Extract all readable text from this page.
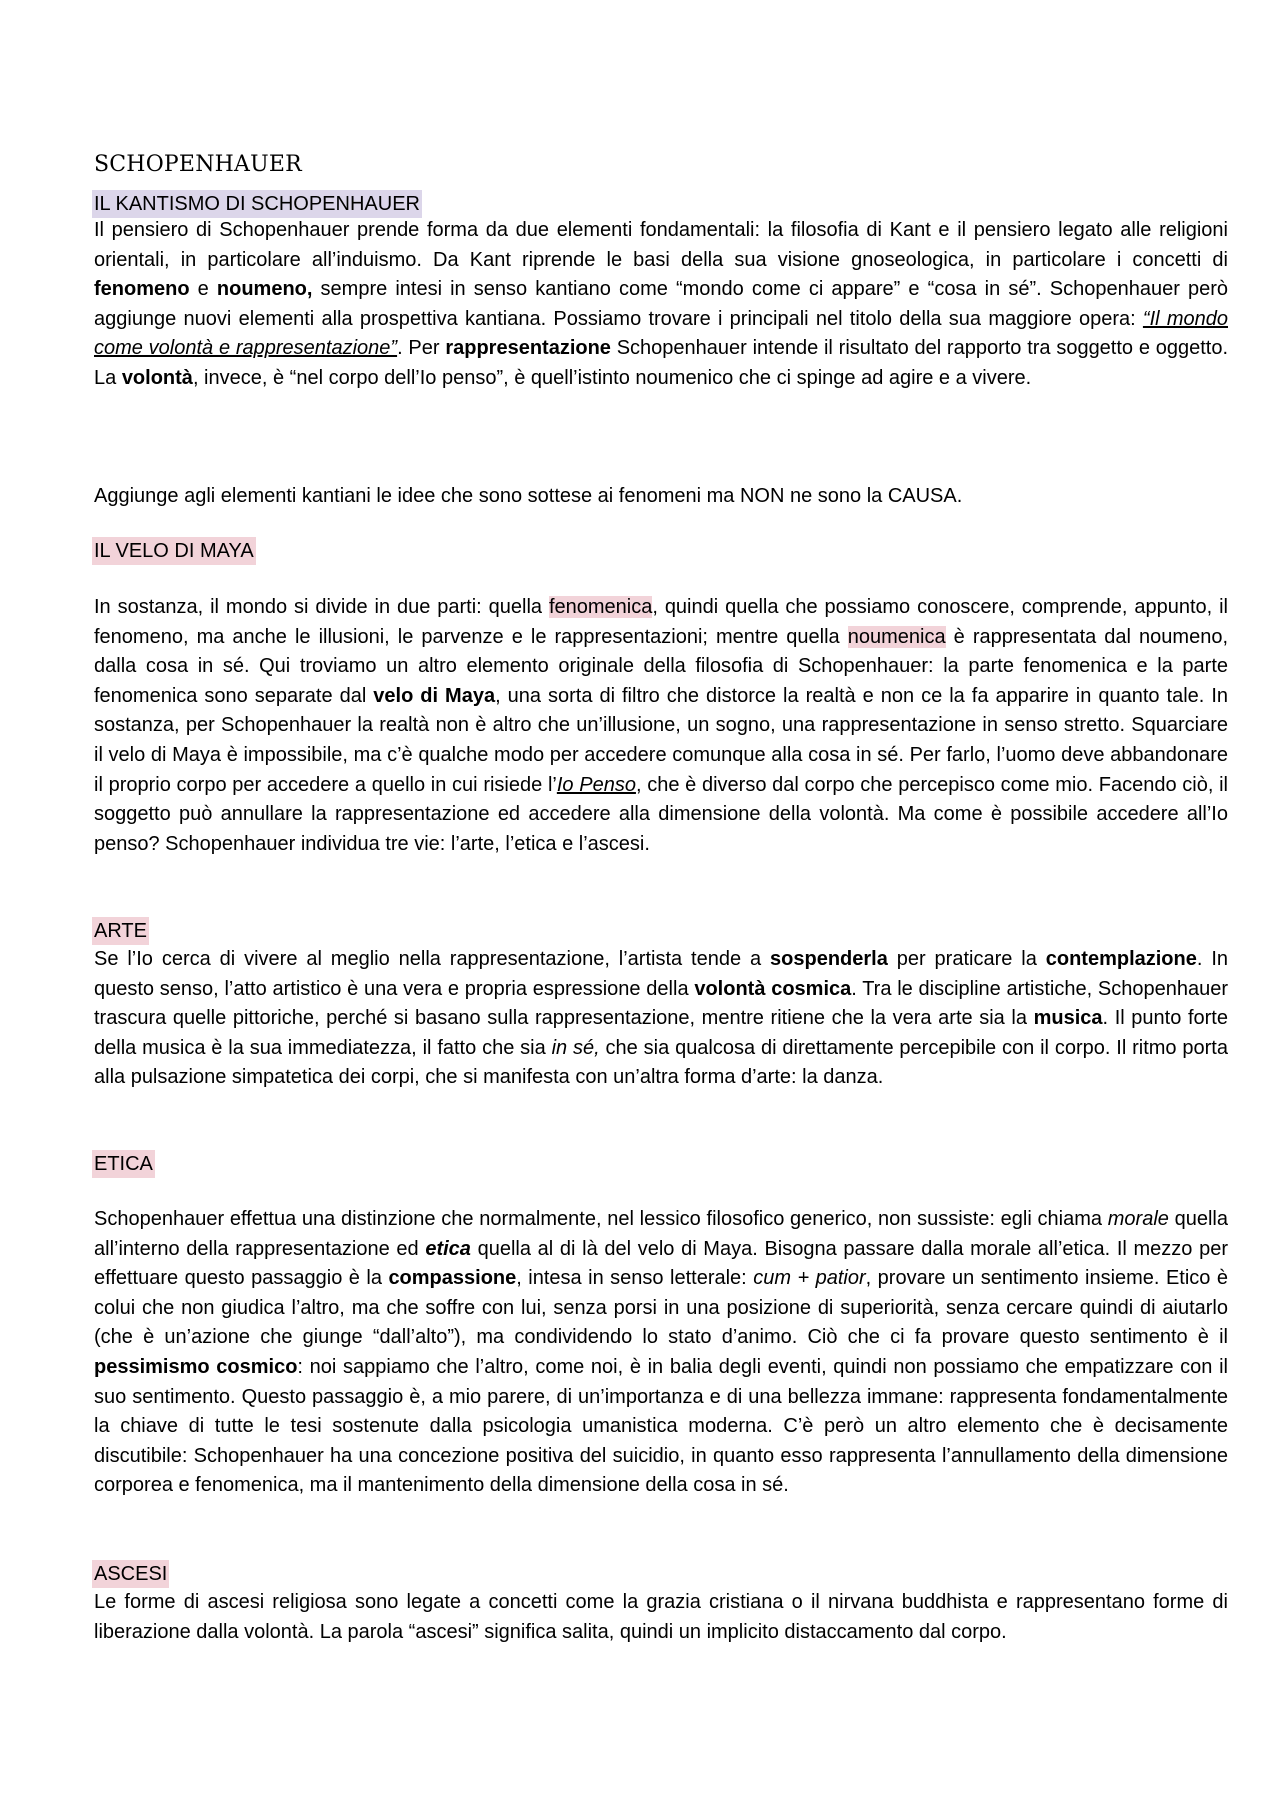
SCHOPENHAUER
IL KANTISMO DI SCHOPENHAUER

Il pensiero di Schopenhauer prende forma da due elementi fondamentali: la filosofia di Kant e il pensiero legato alle religioni orientali, in particolare all’induismo. Da Kant riprende le basi della sua visione gnoseologica, in particolare i concetti di fenomeno e noumeno, sempre intesi in senso kantiano come “mondo come ci appare” e “cosa in sé”. Schopenhauer però aggiunge nuovi elementi alla prospettiva kantiana. Possiamo trovare i principali nel titolo della sua maggiore opera: “Il mondo come volontà e rappresentazione”. Per rappresentazione Schopenhauer intende il risultato del rapporto tra soggetto e oggetto. La volontà, invece, è “nel corpo dell’Io penso”, è quell’istinto noumenico che ci spinge ad agire e a vivere.

Aggiunge agli elementi kantiani le idee che sono sottese ai fenomeni ma NON ne sono la CAUSA.

IL VELO DI MAYA

In sostanza, il mondo si divide in due parti: quella fenomenica, quindi quella che possiamo conoscere, comprende, appunto, il fenomeno, ma anche le illusioni, le parvenze e le rappresentazioni; mentre quella noumenica è rappresentata dal noumeno, dalla cosa in sé. Qui troviamo un altro elemento originale della filosofia di Schopenhauer: la parte fenomenica e la parte fenomenica sono separate dal velo di Maya, una sorta di filtro che distorce la realtà e non ce la fa apparire in quanto tale. In sostanza, per Schopenhauer la realtà non è altro che un’illusione, un sogno, una rappresentazione in senso stretto. Squarciare il velo di Maya è impossibile, ma c’è qualche modo per accedere comunque alla cosa in sé. Per farlo, l’uomo deve abbandonare il proprio corpo per accedere a quello in cui risiede l’Io Penso, che è diverso dal corpo che percepisco come mio. Facendo ciò, il soggetto può annullare la rappresentazione ed accedere alla dimensione della volontà. Ma come è possibile accedere all’Io penso? Schopenhauer individua tre vie: l’arte, l’etica e l’ascesi.

ARTE

Se l’Io cerca di vivere al meglio nella rappresentazione, l’artista tende a sospenderla per praticare la contemplazione. In questo senso, l’atto artistico è una vera e propria espressione della volontà cosmica. Tra le discipline artistiche, Schopenhauer trascura quelle pittoriche, perché si basano sulla rappresentazione, mentre ritiene che la vera arte sia la musica. Il punto forte della musica è la sua immediatezza, il fatto che sia in sé, che sia qualcosa di direttamente percepibile con il corpo. Il ritmo porta alla pulsazione simpatetica dei corpi, che si manifesta con un’altra forma d’arte: la danza.

ETICA

Schopenhauer effettua una distinzione che normalmente, nel lessico filosofico generico, non sussiste: egli chiama morale quella all’interno della rappresentazione ed etica quella al di là del velo di Maya. Bisogna passare dalla morale all’etica. Il mezzo per effettuare questo passaggio è la compassione, intesa in senso letterale: cum + patior, provare un sentimento insieme. Etico è colui che non giudica l’altro, ma che soffre con lui, senza porsi in una posizione di superiorità, senza cercare quindi di aiutarlo (che è un’azione che giunge “dall’alto”), ma condividendo lo stato d’animo. Ciò che ci fa provare questo sentimento è il pessimismo cosmico: noi sappiamo che l’altro, come noi, è in balia degli eventi, quindi non possiamo che empatizzare con il suo sentimento. Questo passaggio è, a mio parere, di un’importanza e di una bellezza immane: rappresenta fondamentalmente la chiave di tutte le tesi sostenute dalla psicologia umanistica moderna. C’è però un altro elemento che è decisamente discutibile: Schopenhauer ha una concezione positiva del suicidio, in quanto esso rappresenta l’annullamento della dimensione corporea e fenomenica, ma il mantenimento della dimensione della cosa in sé.

ASCESI

Le forme di ascesi religiosa sono legate a concetti come la grazia cristiana o il nirvana buddhista e rappresentano forme di liberazione dalla volontà. La parola “ascesi” significa salita, quindi un implicito distaccamento dal corpo.
